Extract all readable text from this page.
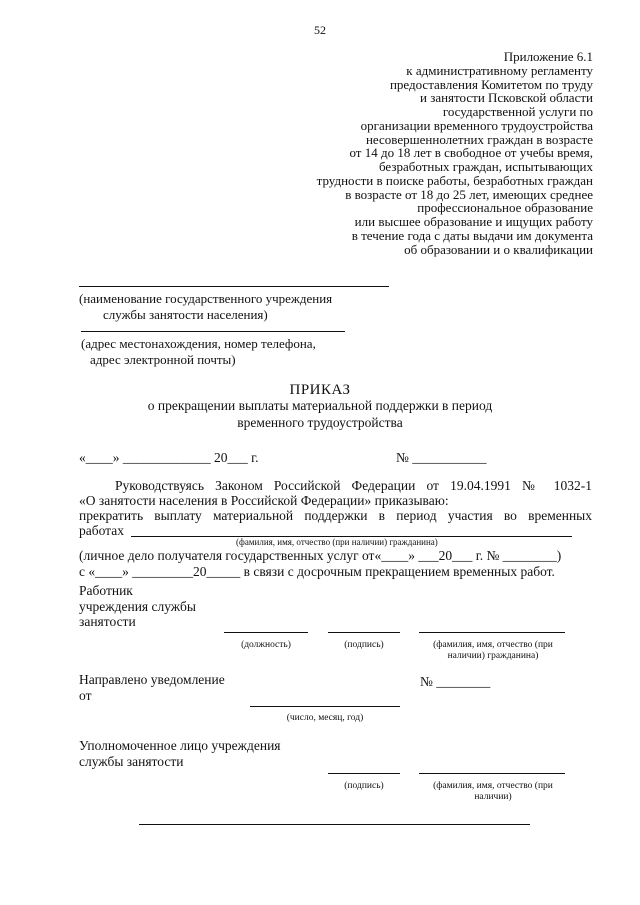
52
Приложение 6.1
к административному регламенту
предоставления Комитетом по труду
и занятости Псковской области
государственной услуги по
организации временного трудоустройства
несовершеннолетних граждан в возрасте
от 14 до 18 лет в свободное от учебы время,
безработных граждан, испытывающих
трудности в поиске работы, безработных граждан
в возрасте от 18 до 25 лет, имеющих среднее
профессиональное образование
или высшее образование и ищущих работу
в течение года с даты выдачи им документа
об образовании и о квалификации
(наименование государственного учреждения
службы занятости населения)
(адрес местонахождения, номер телефона,
адрес электронной почты)
ПРИКАЗ
о прекращении выплаты материальной поддержки в период
временного трудоустройства
«____» _____________ 20___ г.	№ ___________
Руководствуясь Законом Российской Федерации от 19.04.1991 № 1032-1
«О занятости населения в Российской Федерации» приказываю:
прекратить выплату материальной поддержки в период участия во временных
работах
(фамилия, имя, отчество (при наличии) гражданина)
(личное дело получателя государственных услуг от«____» ___20___ г. № ________)
с «____» _________20_____ в связи с досрочным прекращением временных работ.
Работник
учреждения службы
занятости
(должность)	(подпись)	(фамилия, имя, отчество (при
наличии) гражданина)
Направлено уведомление
от
№ ________
(число, месяц, год)
Уполномоченное лицо учреждения
службы занятости
(подпись)	(фамилия, имя, отчество (при
наличии)
